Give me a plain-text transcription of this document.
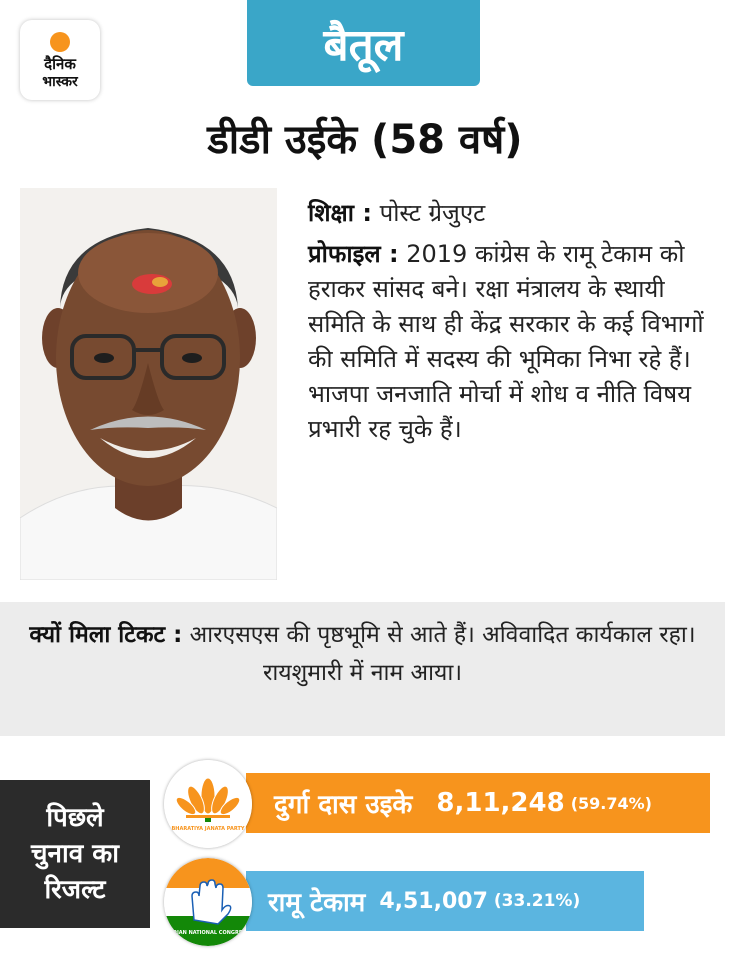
दैनिक
भास्कर
बैतूल
डीडी उईके (58 वर्ष)
शिक्षा : पोस्ट ग्रेजुएट
प्रोफाइल : 2019 कांग्रेस के रामू टेकाम को हराकर सांसद बने। रक्षा मंत्रालय के स्थायी समिति के साथ ही केंद्र सरकार के कई विभागों की समिति में सदस्य की भूमिका निभा रहे हैं। भाजपा जनजाति मोर्चा में शोध व नीति विषय प्रभारी रह चुके हैं।
क्यों मिला टिकट : आरएसएस की पृष्ठभूमि से आते हैं। अविवादित कार्यकाल रहा। रायशुमारी में नाम आया।
पिछले
चुनाव का
रिजल्ट
दुर्गा दास उइके 8,11,248 (59.74%)
रामू टेकाम 4,51,007 (33.21%)
BHARATIYA JANATA PARTY
INDIAN NATIONAL CONGRESS
